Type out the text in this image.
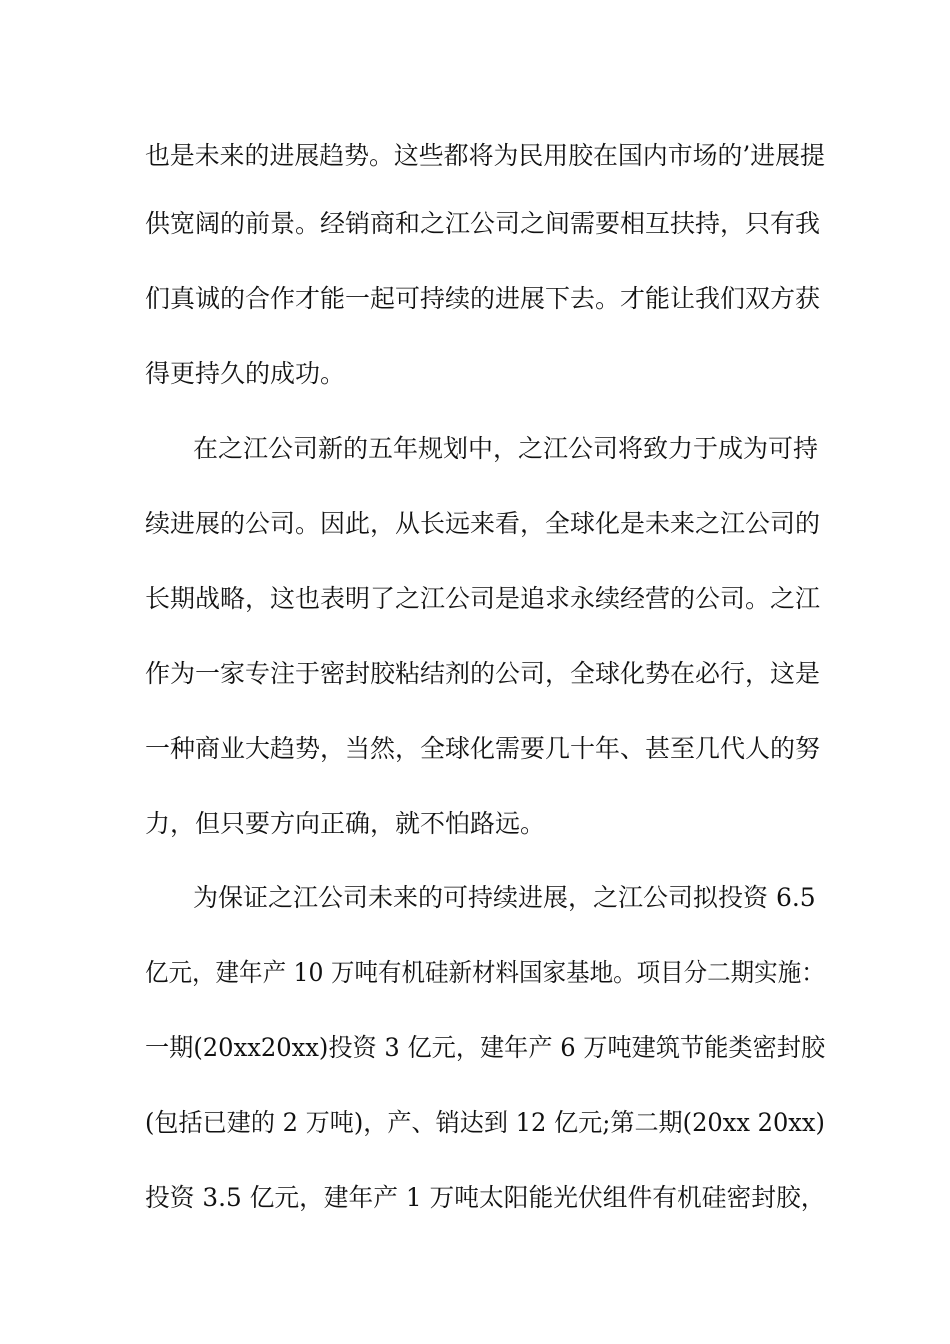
也是未来的进展趋势。这些都将为民用胶在国内市场的’进展提
供宽阔的前景。经销商和之江公司之间需要相互扶持，只有我
们真诚的合作才能一起可持续的进展下去。才能让我们双方获
得更持久的成功。
在之江公司新的五年规划中，之江公司将致力于成为可持
续进展的公司。因此，从长远来看，全球化是未来之江公司的
长期战略，这也表明了之江公司是追求永续经营的公司。之江
作为一家专注于密封胶粘结剂的公司，全球化势在必行，这是
一种商业大趋势，当然，全球化需要几十年、甚至几代人的努
力，但只要方向正确，就不怕路远。
为保证之江公司未来的可持续进展，之江公司拟投资 6.5
亿元，建年产 10 万吨有机硅新材料国家基地。项目分二期实施：
一期(20xx20xx)投资 3 亿元，建年产 6 万吨建筑节能类密封胶
(包括已建的 2 万吨)，产、销达到 12 亿元;第二期(20xx 20xx)
投资 3.5 亿元，建年产 1 万吨太阳能光伏组件有机硅密封胶，
